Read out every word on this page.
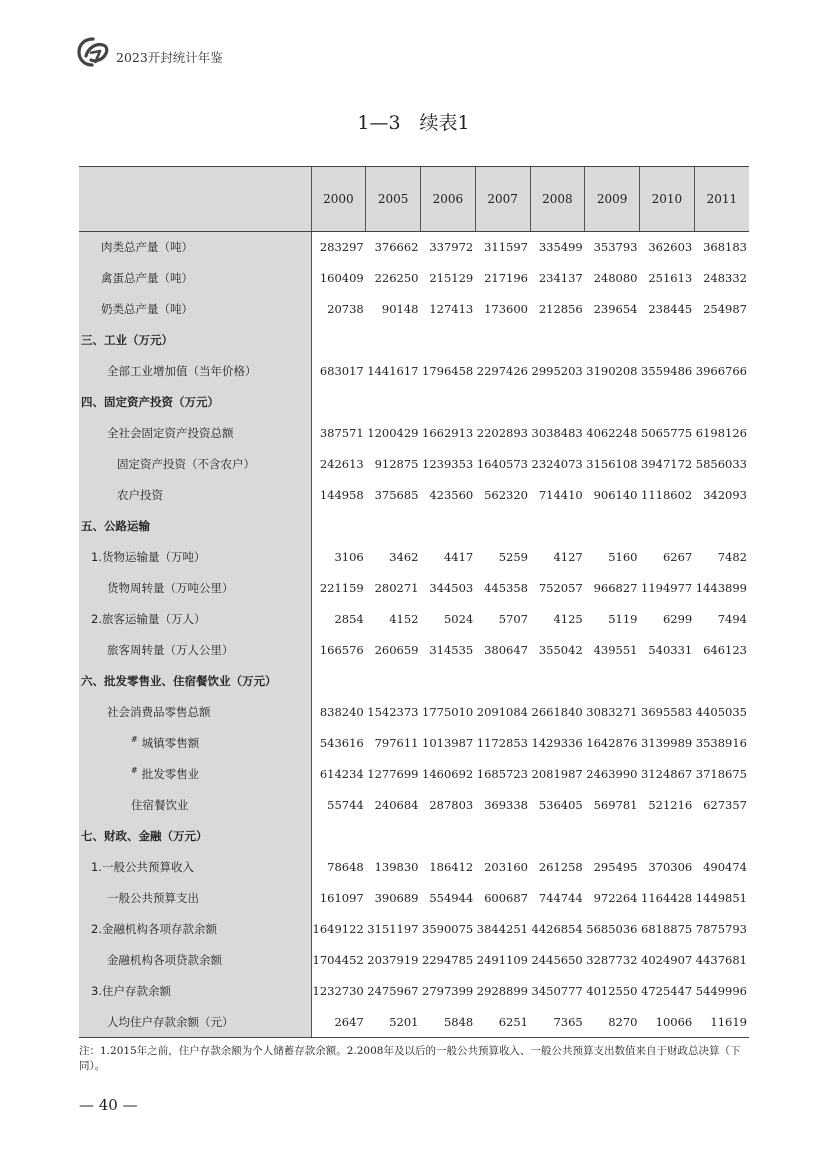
2023开封统计年鉴
1—3　续表1
	2000	2005	2006	2007	2008	2009	2010	2011
肉类总产量（吨）	283297	376662	337972	311597	335499	353793	362603	368183
禽蛋总产量（吨）	160409	226250	215129	217196	234137	248080	251613	248332
奶类总产量（吨）	20738	90148	127413	173600	212856	239654	238445	254987
三、工业（万元）								
全部工业增加值（当年价格）	683017	1441617	1796458	2297426	2995203	3190208	3559486	3966766
四、固定资产投资（万元）								
全社会固定资产投资总额	387571	1200429	1662913	2202893	3038483	4062248	5065775	6198126
固定资产投资（不含农户）	242613	912875	1239353	1640573	2324073	3156108	3947172	5856033
农户投资	144958	375685	423560	562320	714410	906140	1118602	342093
五、公路运输								
1.货物运输量（万吨）	3106	3462	4417	5259	4127	5160	6267	7482
货物周转量（万吨公里）	221159	280271	344503	445358	752057	966827	1194977	1443899
2.旅客运输量（万人）	2854	4152	5024	5707	4125	5119	6299	7494
旅客周转量（万人公里）	166576	260659	314535	380647	355042	439551	540331	646123
六、批发零售业、住宿餐饮业（万元）								
社会消费品零售总额	838240	1542373	1775010	2091084	2661840	3083271	3695583	4405035
# 城镇零售额	543616	797611	1013987	1172853	1429336	1642876	3139989	3538916
# 批发零售业	614234	1277699	1460692	1685723	2081987	2463990	3124867	3718675
住宿餐饮业	55744	240684	287803	369338	536405	569781	521216	627357
七、财政、金融（万元）								
1.一般公共预算收入	78648	139830	186412	203160	261258	295495	370306	490474
一般公共预算支出	161097	390689	554944	600687	744744	972264	1164428	1449851
2.金融机构各项存款余额	1649122	3151197	3590075	3844251	4426854	5685036	6818875	7875793
金融机构各项贷款余额	1704452	2037919	2294785	2491109	2445650	3287732	4024907	4437681
3.住户存款余额	1232730	2475967	2797399	2928899	3450777	4012550	4725447	5449996
人均住户存款余额（元）	2647	5201	5848	6251	7365	8270	10066	11619
注：1.2015年之前，住户存款余额为个人储蓄存款余额。2.2008年及以后的一般公共预算收入、一般公共预算支出数值来自于财政总决算（下同）。
— 40 —
